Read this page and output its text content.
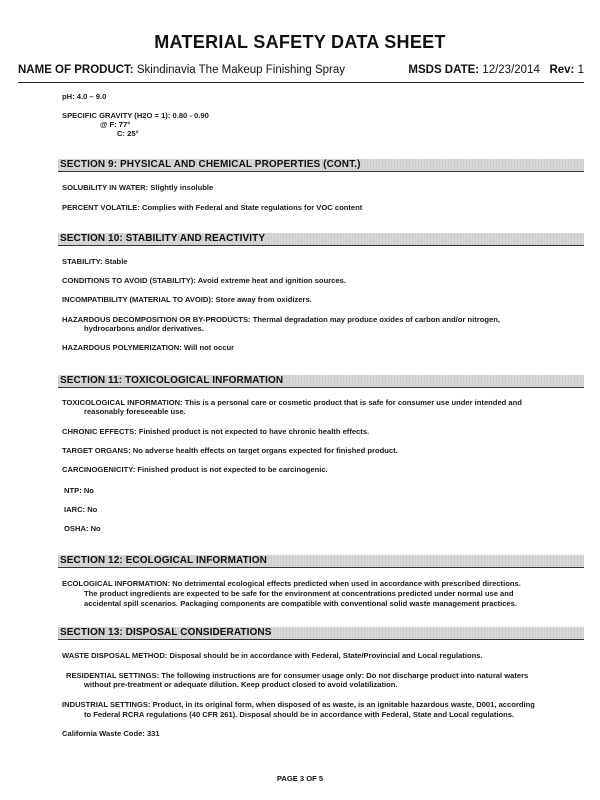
MATERIAL SAFETY DATA SHEET
NAME OF PRODUCT: Skindinavia The Makeup Finishing Spray	MSDS DATE: 12/23/2014 Rev: 1
pH: 4.0 – 9.0
SPECIFIC GRAVITY (H2O = 1): 0.80 - 0.90
@ F: 77°
C: 25°
SECTION 9: PHYSICAL AND CHEMICAL PROPERTIES (CONT.)
SOLUBILITY IN WATER: Slightly insoluble
PERCENT VOLATILE: Complies with Federal and State regulations for VOC content
SECTION 10: STABILITY AND REACTIVITY
STABILITY: Stable
CONDITIONS TO AVOID (STABILITY): Avoid extreme heat and ignition sources.
INCOMPATIBILITY (MATERIAL TO AVOID): Store away from oxidizers.
HAZARDOUS DECOMPOSITION OR BY-PRODUCTS: Thermal degradation may produce oxides of carbon and/or nitrogen,
hydrocarbons and/or derivatives.
HAZARDOUS POLYMERIZATION: Will not occur
SECTION 11: TOXICOLOGICAL INFORMATION
TOXICOLOGICAL INFORMATION: This is a personal care or cosmetic product that is safe for consumer use under intended and
reasonably foreseeable use.
CHRONIC EFFECTS: Finished product is not expected to have chronic health effects.
TARGET ORGANS: No adverse health effects on target organs expected for finished product.
CARCINOGENICITY: Finished product is not expected to be carcinogenic.
NTP: No
IARC: No
OSHA: No
SECTION 12: ECOLOGICAL INFORMATION
ECOLOGICAL INFORMATION: No detrimental ecological effects predicted when used in accordance with prescribed directions.
The product ingredients are expected to be safe for the environment at concentrations predicted under normal use and
accidental spill scenarios. Packaging components are compatible with conventional solid waste management practices.
SECTION 13: DISPOSAL CONSIDERATIONS
WASTE DISPOSAL METHOD: Disposal should be in accordance with Federal, State/Provincial and Local regulations.
RESIDENTIAL SETTINGS: The following instructions are for consumer usage only: Do not discharge product into natural waters
without pre-treatment or adequate dilution. Keep product closed to avoid volatilization.
INDUSTRIAL SETTINGS: Product, in its original form, when disposed of as waste, is an ignitable hazardous waste, D001, according
to Federal RCRA regulations (40 CFR 261). Disposal should be in accordance with Federal, State and Local regulations.
California Waste Code: 331
PAGE 3 OF 5
